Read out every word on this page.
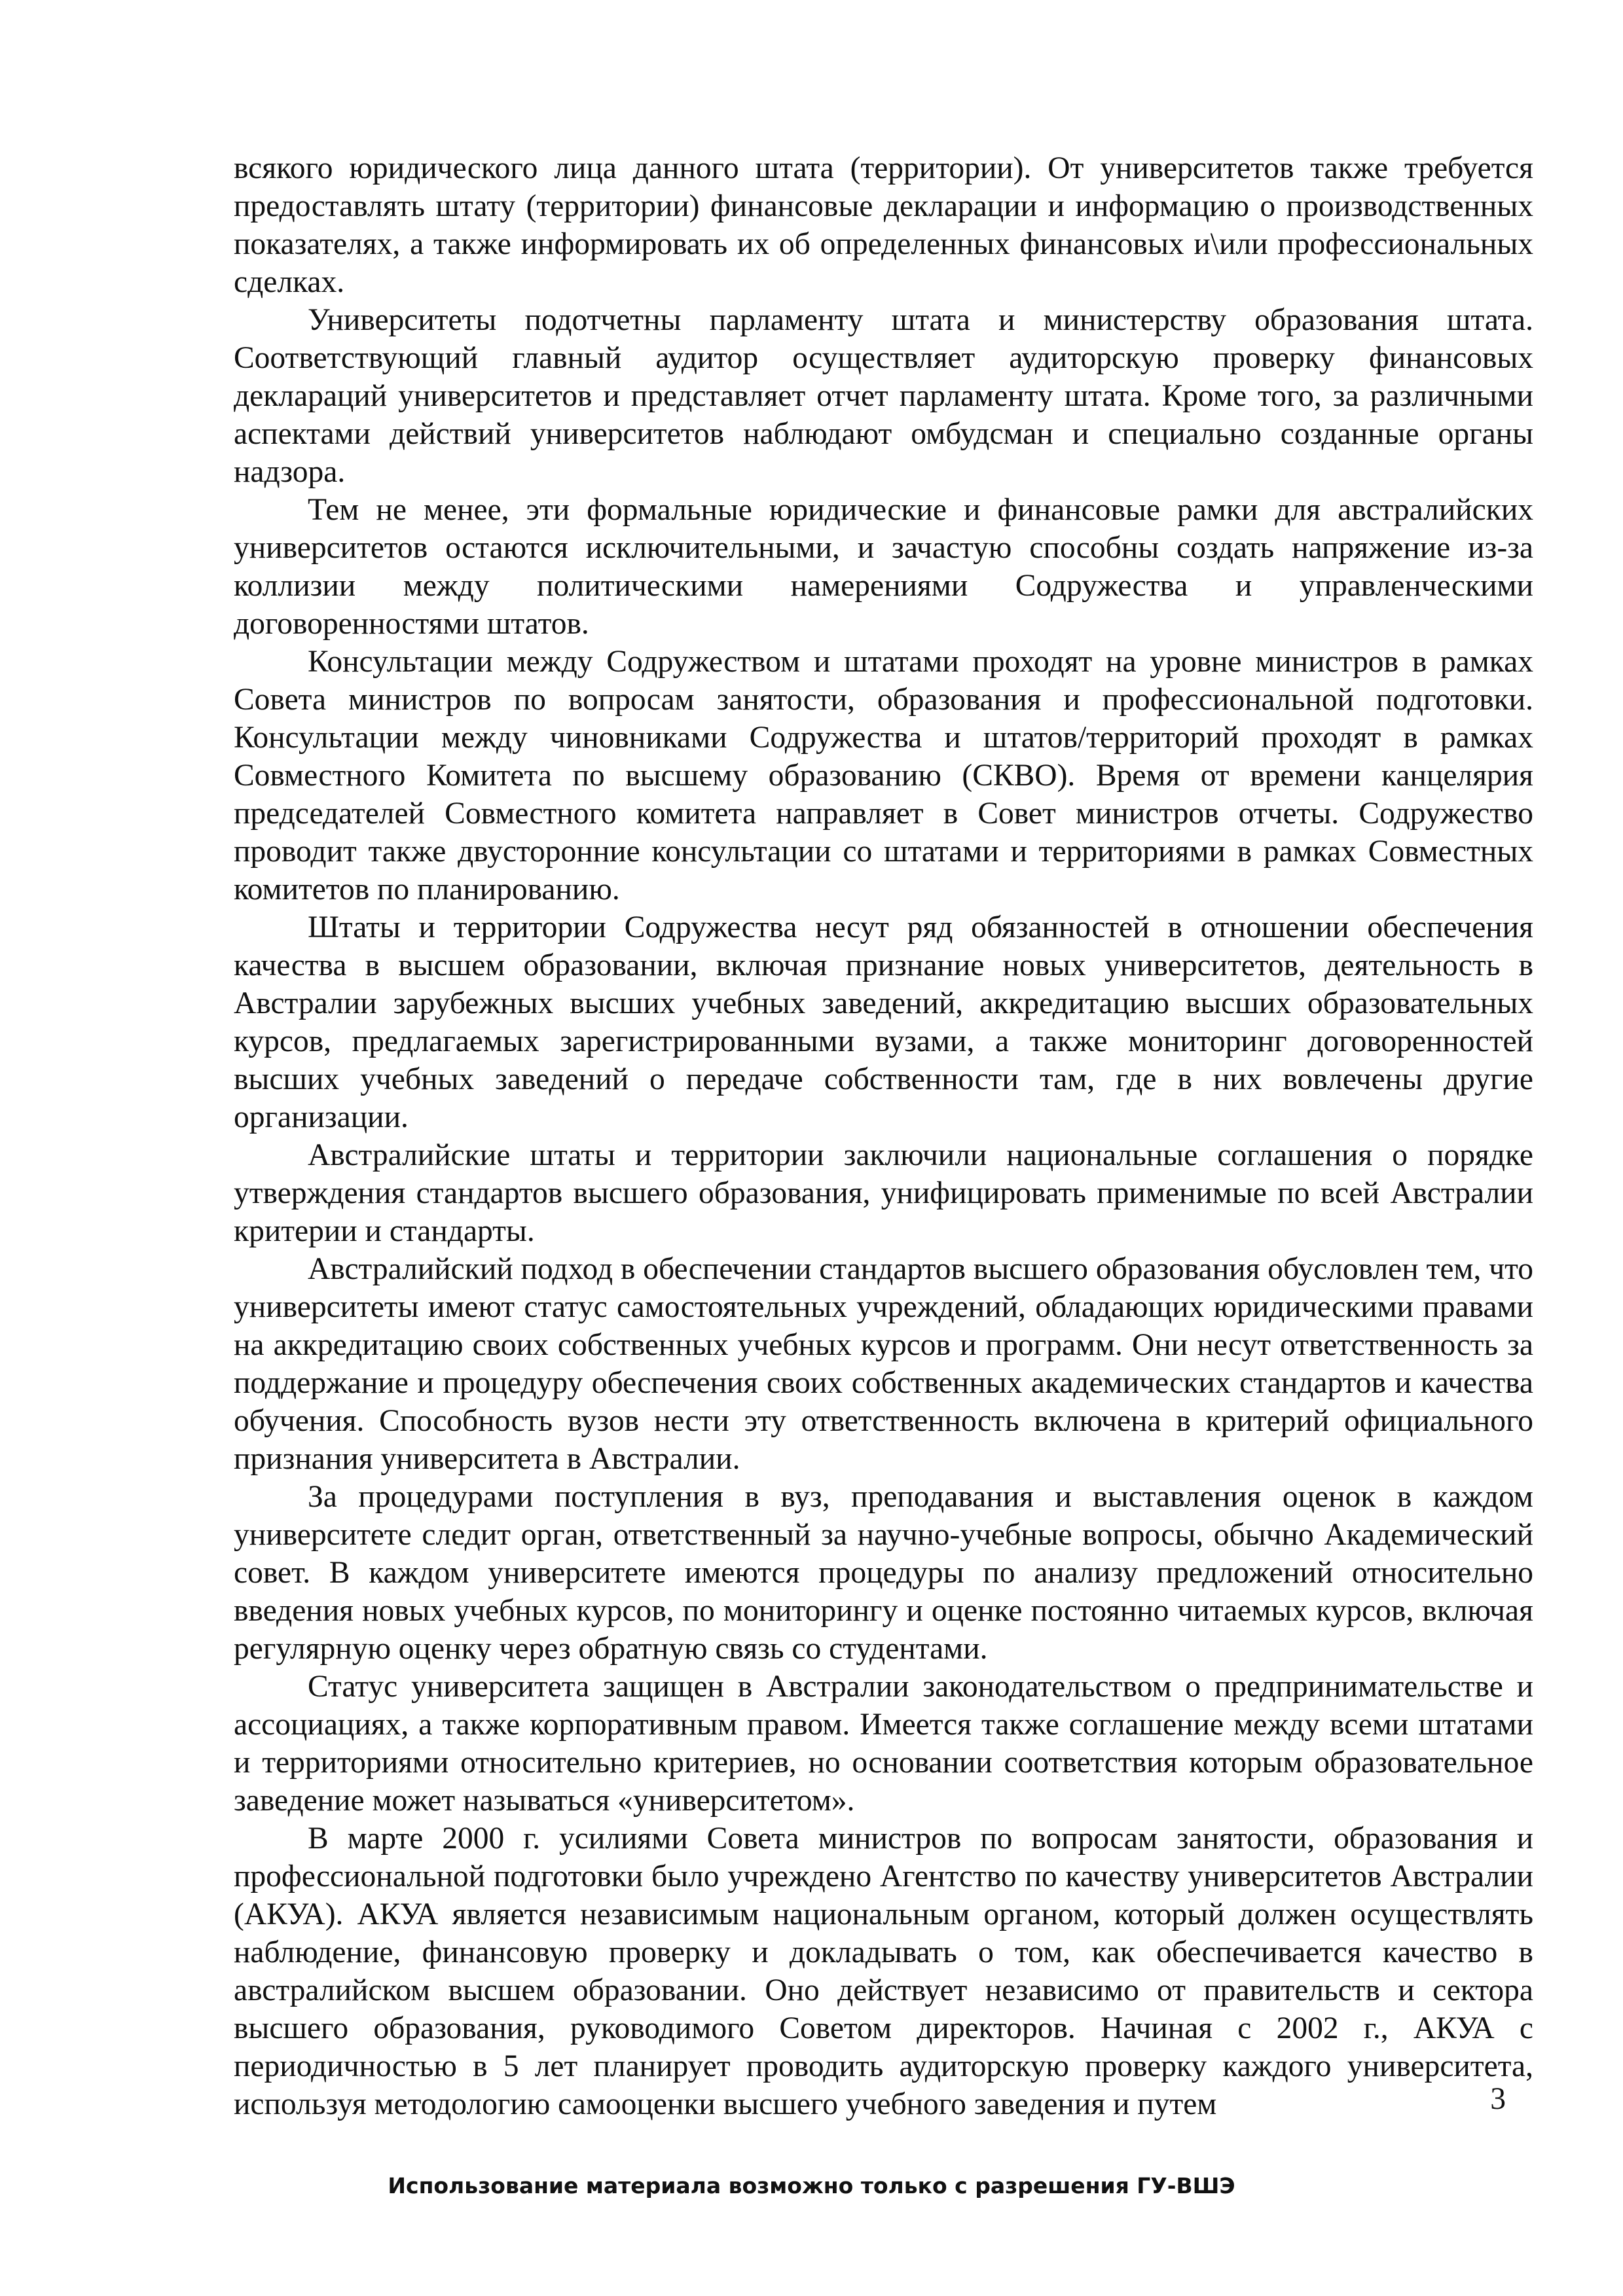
всякого юридического лица данного штата (территории). От университетов также требуется предоставлять штату (территории) финансовые декларации и информацию о производственных показателях, а также информировать их об определенных финансовых и\или профессиональных сделках.

Университеты подотчетны парламенту штата и министерству образования штата. Соответствующий главный аудитор осуществляет аудиторскую проверку финансовых деклараций университетов и представляет отчет парламенту штата. Кроме того, за различными аспектами действий университетов наблюдают омбудсман и специально созданные органы надзора.

Тем не менее, эти формальные юридические и финансовые рамки для австралийских университетов остаются исключительными, и зачастую способны создать напряжение из-за коллизии между политическими намерениями Содружества и управленческими договоренностями штатов.

Консультации между Содружеством и штатами проходят на уровне министров в рамках Совета министров по вопросам занятости, образования и профессиональной подготовки. Консультации между чиновниками Содружества и штатов/территорий проходят в рамках Совместного Комитета по высшему образованию (СКВО). Время от времени канцелярия председателей Совместного комитета направляет в Совет министров отчеты. Содружество проводит также двусторонние консультации со штатами и территориями в рамках Совместных комитетов по планированию.

Штаты и территории Содружества несут ряд обязанностей в отношении обеспечения качества в высшем образовании, включая признание новых университетов, деятельность в Австралии зарубежных высших учебных заведений, аккредитацию высших образовательных курсов, предлагаемых зарегистрированными вузами, а также мониторинг договоренностей высших учебных заведений о передаче собственности там, где в них вовлечены другие организации.

Австралийские штаты и территории заключили национальные соглашения о порядке утверждения стандартов высшего образования, унифицировать применимые по всей Австралии критерии и стандарты.

Австралийский подход в обеспечении стандартов высшего образования обусловлен тем, что университеты имеют статус самостоятельных учреждений, обладающих юридическими правами на аккредитацию своих собственных учебных курсов и программ. Они несут ответственность за поддержание и процедуру обеспечения своих собственных академических стандартов и качества обучения. Способность вузов нести эту ответственность включена в критерий официального признания университета в Австралии.

За процедурами поступления в вуз, преподавания и выставления оценок в каждом университете следит орган, ответственный за научно-учебные вопросы, обычно Академический совет. В каждом университете имеются процедуры по анализу предложений относительно введения новых учебных курсов, по мониторингу и оценке постоянно читаемых курсов, включая регулярную оценку через обратную связь со студентами.

Статус университета защищен в Австралии законодательством о предпринимательстве и ассоциациях, а также корпоративным правом. Имеется также соглашение между всеми штатами и территориями относительно критериев, но основании соответствия которым образовательное заведение может называться «университетом».

В марте 2000 г. усилиями Совета министров по вопросам занятости, образования и профессиональной подготовки было учреждено Агентство по качеству университетов Австралии (АКУА). АКУА является независимым национальным органом, который должен осуществлять наблюдение, финансовую проверку и докладывать о том, как обеспечивается качество в австралийском высшем образовании. Оно действует независимо от правительств и сектора высшего образования, руководимого Советом директоров. Начиная с 2002 г., АКУА с периодичностью в 5 лет планирует проводить аудиторскую проверку каждого университета, используя методологию самооценки высшего учебного заведения и путем	3
Использование материала возможно только с разрешения ГУ-ВШЭ
